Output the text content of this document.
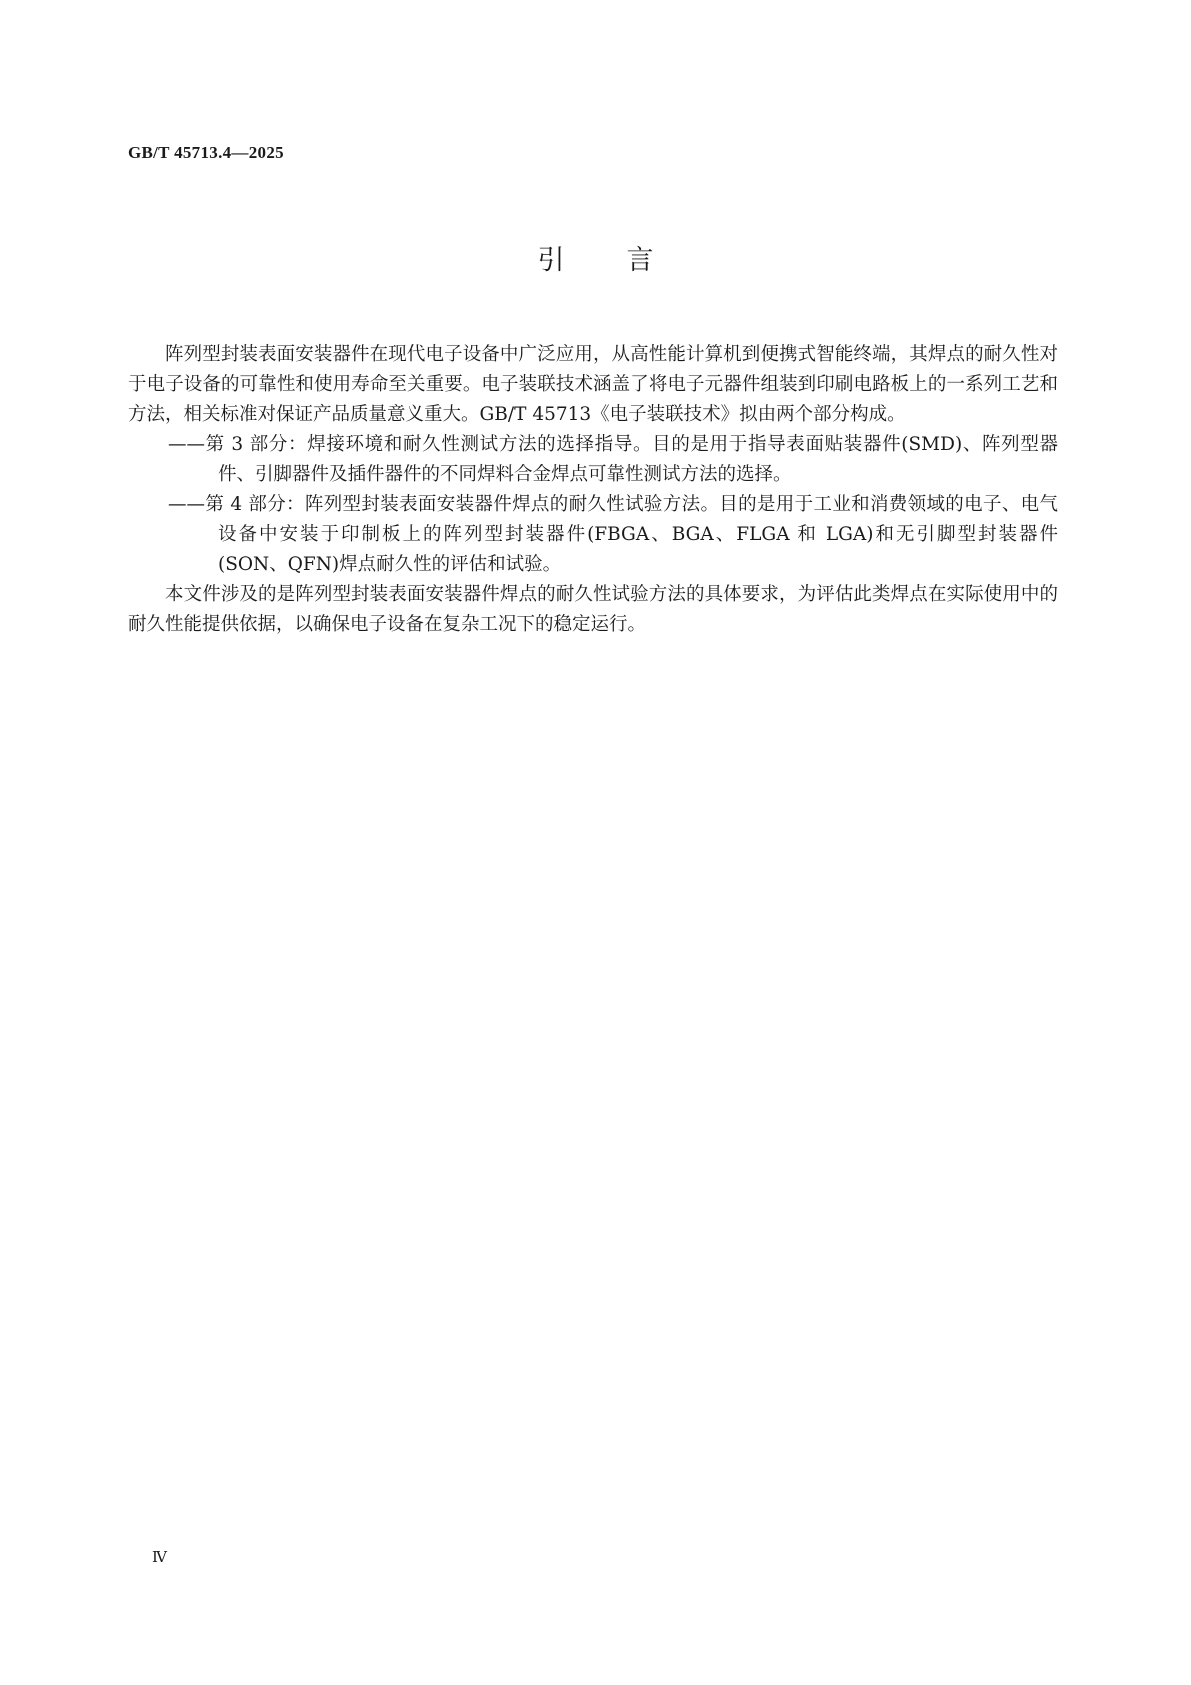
GB/T 45713.4—2025
引言

阵列型封装表面安装器件在现代电子设备中广泛应用，从高性能计算机到便携式智能终端，其焊点的耐久性对于电子设备的可靠性和使用寿命至关重要。电子装联技术涵盖了将电子元器件组装到印刷电路板上的一系列工艺和方法，相关标准对保证产品质量意义重大。GB/T 45713《电子装联技术》拟由两个部分构成。

——第 3 部分：焊接环境和耐久性测试方法的选择指导。目的是用于指导表面贴装器件(SMD)、阵列型器件、引脚器件及插件器件的不同焊料合金焊点可靠性测试方法的选择。

——第 4 部分：阵列型封装表面安装器件焊点的耐久性试验方法。目的是用于工业和消费领域的电子、电气设备中安装于印制板上的阵列型封装器件(FBGA、BGA、FLGA 和 LGA)和无引脚型封装器件(SON、QFN)焊点耐久性的评估和试验。

本文件涉及的是阵列型封装表面安装器件焊点的耐久性试验方法的具体要求，为评估此类焊点在实际使用中的耐久性能提供依据，以确保电子设备在复杂工况下的稳定运行。

Ⅳ
